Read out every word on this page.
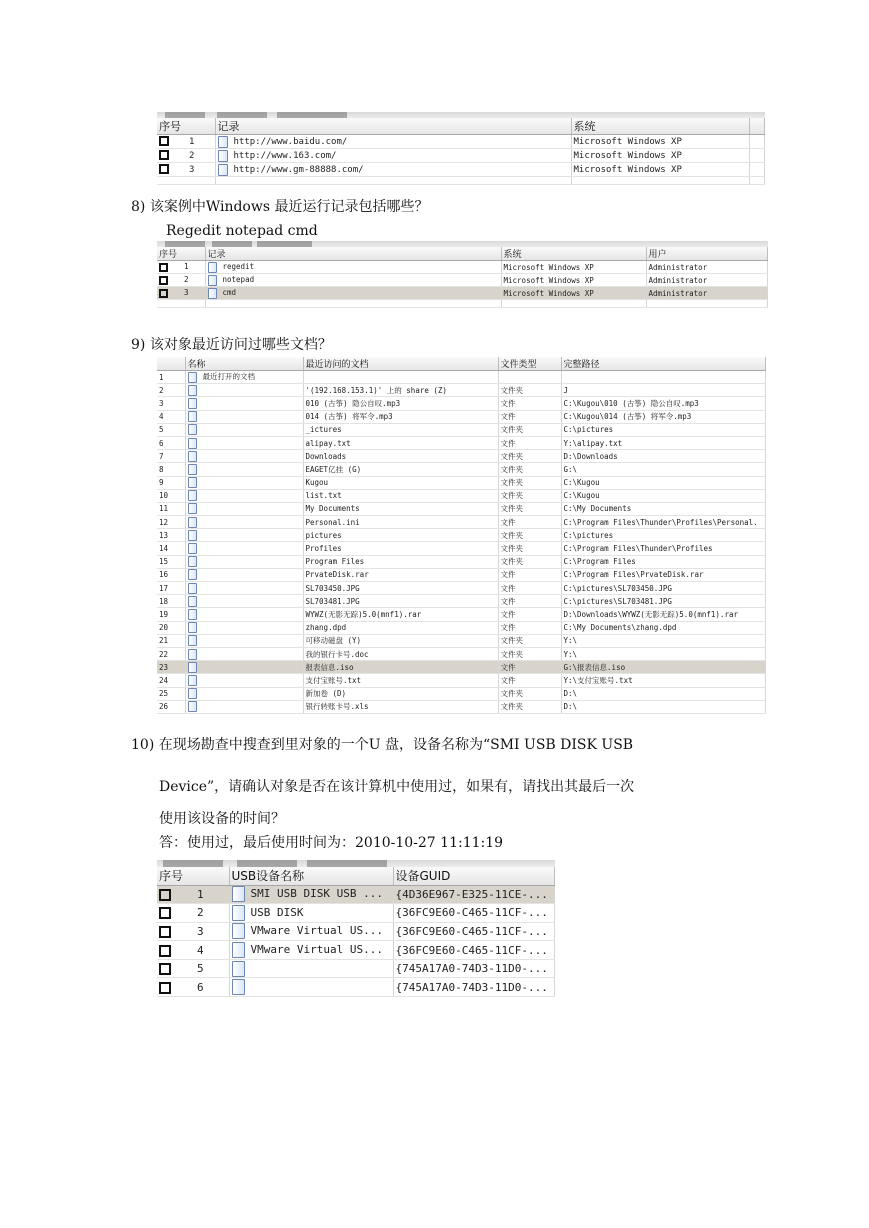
序号	记录	系统	
1	http://www.baidu.com/	Microsoft Windows XP	
2	http://www.163.com/	Microsoft Windows XP	
3	http://www.gm-88888.com/	Microsoft Windows XP	

8) 该案例中Windows 最近运行记录包括哪些？
Regedit notepad cmd
序号	记录	系统	用户
1	regedit	Microsoft Windows XP	Administrator
2	notepad	Microsoft Windows XP	Administrator
3	cmd	Microsoft Windows XP	Administrator

9) 该对象最近访问过哪些文档？
	名称	最近访问的文档	文件类型	完整路径
1	最近打开的文档			
2		'(192.168.153.1)' 上的 share (Z)	文件夹	J
3		010 (古筝) 隐公自叹.mp3	文件	C:\Kugou\010 (古筝) 隐公自叹.mp3
4		014 (古筝) 将军令.mp3	文件	C:\Kugou\014 (古筝) 将军令.mp3
5		_ictures	文件夹	C:\pictures
6		alipay.txt	文件	Y:\alipay.txt
7		Downloads	文件夹	D:\Downloads
8		EAGET亿挂 (G)	文件夹	G:\
9		Kugou	文件夹	C:\Kugou
10		list.txt	文件夹	C:\Kugou
11		My Documents	文件夹	C:\My Documents
12		Personal.ini	文件	C:\Program Files\Thunder\Profiles\Personal.
13		pictures	文件夹	C:\pictures
14		Profiles	文件夹	C:\Program Files\Thunder\Profiles
15		Program Files	文件夹	C:\Program Files
16		PrvateDisk.rar	文件	C:\Program Files\PrvateDisk.rar
17		SL703450.JPG	文件	C:\pictures\SL703450.JPG
18		SL703481.JPG	文件	C:\pictures\SL703481.JPG
19		WYWZ(无影无踪)5.0(mnf1).rar	文件	D:\Downloads\WYWZ(无影无踪)5.0(mnf1).rar
20		zhang.dpd	文件	C:\My Documents\zhang.dpd
21		可移动磁盘 (Y)	文件夹	Y:\
22		我的银行卡号.doc	文件夹	Y:\
23		报表信息.iso	文件	G:\报表信息.iso
24		支付宝账号.txt	文件	Y:\支付宝账号.txt
25		新加卷 (D)	文件夹	D:\
26		银行转账卡号.xls	文件夹	D:\
10) 在现场勘查中搜查到里对象的一个U 盘，设备名称为“SMI USB DISK USB
Device”，请确认对象是否在该计算机中使用过，如果有，请找出其最后一次
使用该设备的时间？
答：使用过，最后使用时间为：2010-10-27 11:11:19
序号	USB设备名称	设备GUID
1	SMI USB DISK USB ...	{4D36E967-E325-11CE-...
2	USB DISK	{36FC9E60-C465-11CF-...
3	VMware Virtual US...	{36FC9E60-C465-11CF-...
4	VMware Virtual US...	{36FC9E60-C465-11CF-...
5		{745A17A0-74D3-11D0-...
6		{745A17A0-74D3-11D0-...
